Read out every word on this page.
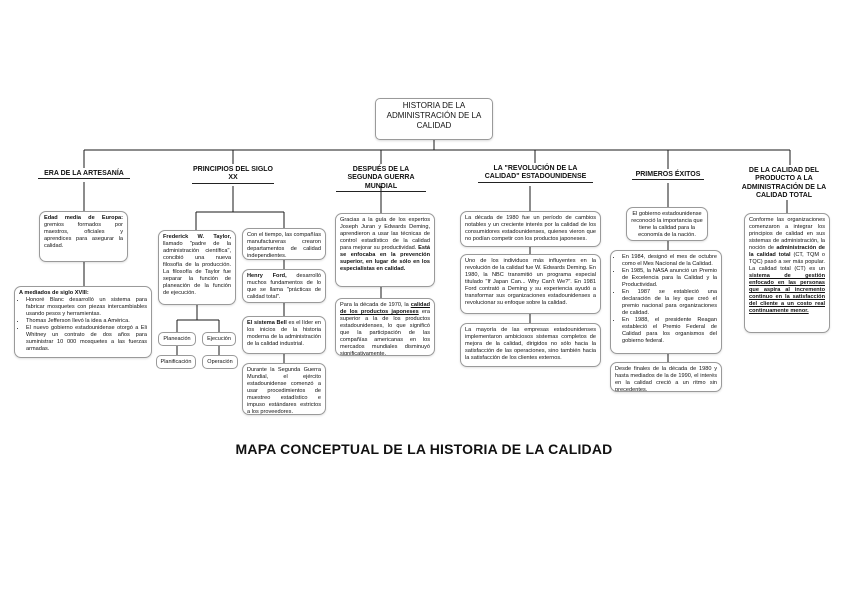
HISTORIA DE LA ADMINISTRACIÓN DE LA CALIDAD
ERA DE LA ARTESANÍA
Edad media de Europa: gremios formados por maestros, oficiales y aprendices para asegurar la calidad.
A mediados de siglo XVIII:
• Honoré Blanc desarrolló un sistema para fabricar mosquetes con piezas intercambiables usando pesos y herramientas.
• Thomas Jefferson llevó la idea a América.
• El nuevo gobierno estadounidense otorgó a Eli Whitney un contrato de dos años para suministrar 10 000 mosquetes a las fuerzas armadas.
PRINCIPIOS DEL SIGLO XX
Frederick W. Taylor, llamado "padre de la administración científica", concibió una nueva filosofía de la producción. La filosofía de Taylor fue separar la función de planeación de la función de ejecución.
Con el tiempo, las compañías manufactureras crearon departamentos de calidad independientes.
Henry Ford, desarrolló muchos fundamentos de lo que se llama "prácticas de calidad total".
El sistema Bell es el líder en los inicios de la historia moderna de la administración de la calidad industrial.
Durante la Segunda Guerra Mundial, el ejército estadounidense comenzó a usar procedimientos de muestreo estadístico e impuso estándares estrictos a los proveedores.
Planeación	Ejecución
Planificación	Operación
DESPUÉS DE LA SEGUNDA GUERRA MUNDIAL
Gracias a la guía de los expertos Joseph Juran y Edwards Deming, aprendieron a usar las técnicas de control estadístico de la calidad para mejorar su productividad. Está se enfocaba en la prevención superior, en lugar de sólo en los especialistas en calidad.
Para la década de 1970, la calidad de los productos japoneses era superior a la de los productos estadounidenses, lo que significó que la participación de las compañías americanas en los mercados mundiales disminuyó significativamente.
LA "REVOLUCIÓN DE LA CALIDAD" ESTADOUNIDENSE
La década de 1980 fue un período de cambios notables y un creciente interés por la calidad de los consumidores estadounidenses, quienes vieron que no podían competir con los productos japoneses.
Uno de los individuos más influyentes en la revolución de la calidad fue W. Edwards Deming. En 1980, la NBC transmitió un programa especial titulado "If Japan Can... Why Can't We?". En 1981 Ford contrató a Deming y su experiencia ayudó a transformar sus organizaciones estadounidenses a revolucionar su enfoque sobre la calidad.
La mayoría de las empresas estadounidenses implementaron ambiciosos sistemas completos de mejora de la calidad, dirigidos no sólo hacia la satisfacción de las operaciones, sino también hacia la satisfacción de los clientes externos.
PRIMEROS ÉXITOS
El gobierno estadounidense reconoció la importancia que tiene la calidad para la economía de la nación.
• En 1984, designó el mes de octubre como el Mes Nacional de la Calidad.
• En 1985, la NASA anunció un Premio de Excelencia para la Calidad y la Productividad.
• En 1987 se estableció una declaración de la ley que creó el premio nacional para organizaciones de calidad.
• En 1988, el presidente Reagan estableció el Premio Federal de Calidad para los organismos del gobierno federal.
Desde finales de la década de 1980 y hasta mediados de la de 1990, el interés en la calidad creció a un ritmo sin precedentes.
DE LA CALIDAD DEL PRODUCTO A LA ADMINISTRACIÓN DE LA CALIDAD TOTAL
Conforme las organizaciones comenzaron a integrar los principios de calidad en sus sistemas de administración, la noción de administración de la calidad total (CT, TQM o TQC) pasó a ser más popular. La calidad total (CT) es un sistema de gestión enfocado en las personas que aspira al incremento continuo en la satisfacción del cliente a un costo real continuamente menor.
MAPA CONCEPTUAL DE LA HISTORIA DE LA CALIDAD
